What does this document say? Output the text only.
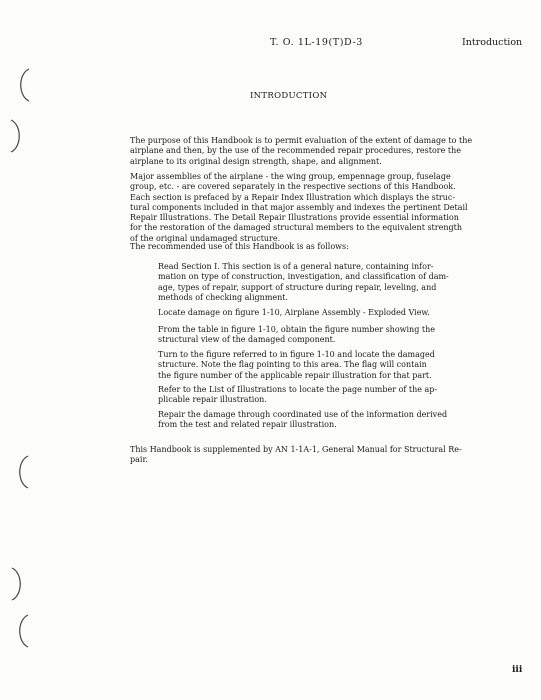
T. O. 1L-19(T)D-3	Introduction
INTRODUCTION
The purpose of this Handbook is to permit evaluation of the extent of damage to the
airplane and then, by the use of the recommended repair procedures, restore the
airplane to its original design strength, shape, and alignment.
Major assemblies of the airplane - the wing group, empennage group, fuselage
group, etc. - are covered separately in the respective sections of this Handbook.
Each section is prefaced by a Repair Index Illustration which displays the struc-
tural components included in that major assembly and indexes the pertinent Detail
Repair Illustrations. The Detail Repair Illustrations provide essential information
for the restoration of the damaged structural members to the equivalent strength
of the original undamaged structure.
The recommended use of this Handbook is as follows:
Read Section I. This section is of a general nature, containing infor-
mation on type of construction, investigation, and classification of dam-
age, types of repair, support of structure during repair, leveling, and
methods of checking alignment.
Locate damage on figure 1-10, Airplane Assembly - Exploded View.
From the table in figure 1-10, obtain the figure number showing the
structural view of the damaged component.
Turn to the figure referred to in figure 1-10 and locate the damaged
structure. Note the flag pointing to this area. The flag will contain
the figure number of the applicable repair illustration for that part.
Refer to the List of Illustrations to locate the page number of the ap-
plicable repair illustration.
Repair the damage through coordinated use of the information derived
from the test and related repair illustration.
This Handbook is supplemented by AN 1-1A-1, General Manual for Structural Re-
pair.
iii
